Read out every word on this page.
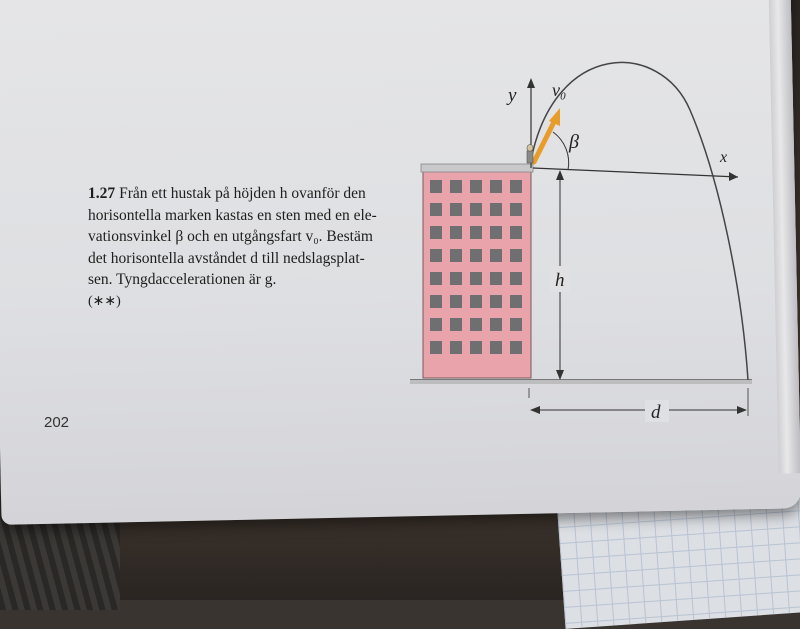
1.27 Från ett hustak på höjden h ovanför den
horisontella marken kastas en sten med en ele-
vationsvinkel β och en utgångsfart v₀. Bestäm
det horisontella avståndet d till nedslagsplat-
sen. Tyngdaccelerationen är g.
(∗∗)
202
y
x
v₀
β
h
d
